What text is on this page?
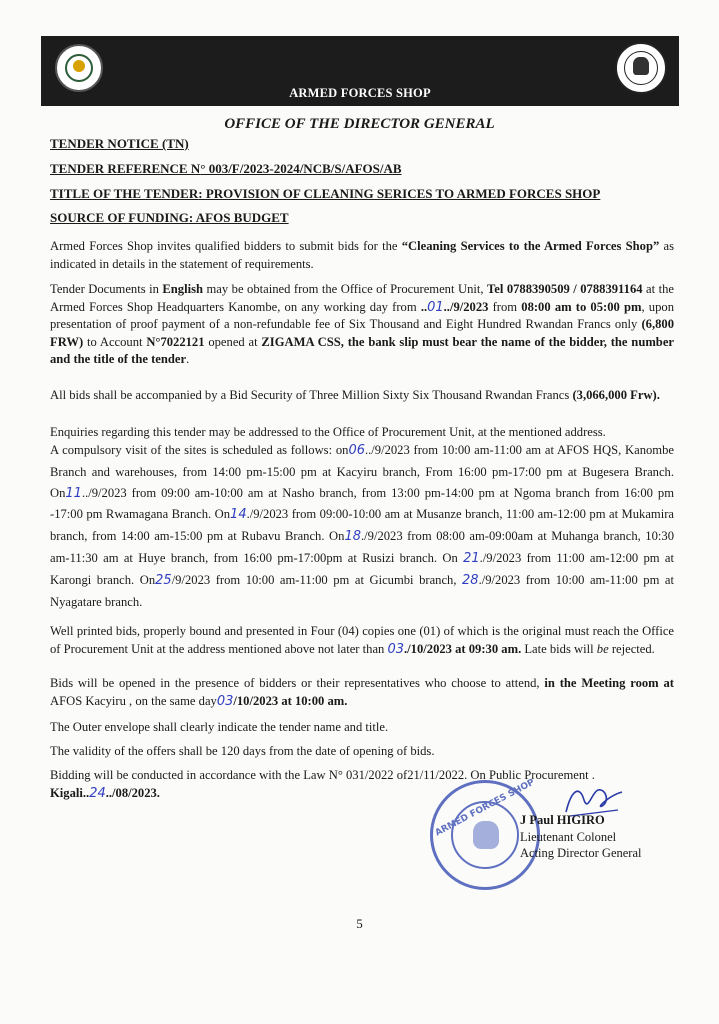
ARMED FORCES SHOP
OFFICE OF THE DIRECTOR GENERAL
TENDER NOTICE (TN)
TENDER REFERENCE N° 003/F/2023-2024/NCB/S/AFOS/AB
TITLE OF THE TENDER: PROVISION OF CLEANING SERICES TO ARMED FORCES SHOP
SOURCE OF FUNDING: AFOS BUDGET

Armed Forces Shop invites qualified bidders to submit bids for the “Cleaning Services to the Armed Forces Shop” as indicated in details in the statement of requirements.

Tender Documents in English may be obtained from the Office of Procurement Unit, Tel 0788390509 / 0788391164 at the Armed Forces Shop Headquarters Kanombe, on any working day from ..01../9/2023 from 08:00 am to 05:00 pm, upon presentation of proof payment of a non-refundable fee of Six Thousand and Eight Hundred Rwandan Francs only (6,800 FRW) to Account N°7022121 opened at ZIGAMA CSS, the bank slip must bear the name of the bidder, the number and the title of the tender.

All bids shall be accompanied by a Bid Security of Three Million Sixty Six Thousand Rwandan Francs (3,066,000 Frw).

Enquiries regarding this tender may be addressed to the Office of Procurement Unit, at the mentioned address.

A compulsory visit of the sites is scheduled as follows: on06../9/2023 from 10:00 am-11:00 am at AFOS HQS, Kanombe Branch and warehouses, from 14:00 pm-15:00 pm at Kacyiru branch, From 16:00 pm-17:00 pm at Bugesera Branch. On11../9/2023 from 09:00 am-10:00 am at Nasho branch, from 13:00 pm-14:00 pm at Ngoma branch from 16:00 pm -17:00 pm Rwamagana Branch. On14./9/2023 from 09:00-10:00 am at Musanze branch, 11:00 am-12:00 pm at Mukamira branch, from 14:00 am-15:00 pm at Rubavu Branch. On18./9/2023 from 08:00 am-09:00am at Muhanga branch, 10:30 am-11:30 am at Huye branch, from 16:00 pm-17:00pm at Rusizi branch. On 21./9/2023 from 11:00 am-12:00 pm at Karongi branch. On25/9/2023 from 10:00 am-11:00 pm at Gicumbi branch, 28./9/2023 from 10:00 am-11:00 pm at Nyagatare branch.

Well printed bids, properly bound and presented in Four (04) copies one (01) of which is the original must reach the Office of Procurement Unit at the address mentioned above not later than 03./10/2023 at 09:30 am. Late bids will be rejected.

Bids will be opened in the presence of bidders or their representatives who choose to attend, in the Meeting room at AFOS Kacyiru , on the same day03/10/2023 at 10:00 am.

The Outer envelope shall clearly indicate the tender name and title.

The validity of the offers shall be 120 days from the date of opening of bids.

Bidding will be conducted in accordance with the Law N° 031/2022 of21/11/2022. On Public Procurement .
Kigali..24../08/2023.	ARMED FORCES SHOP
J Paul HIGIRO
Lieutenant Colonel
Acting Director General
5
